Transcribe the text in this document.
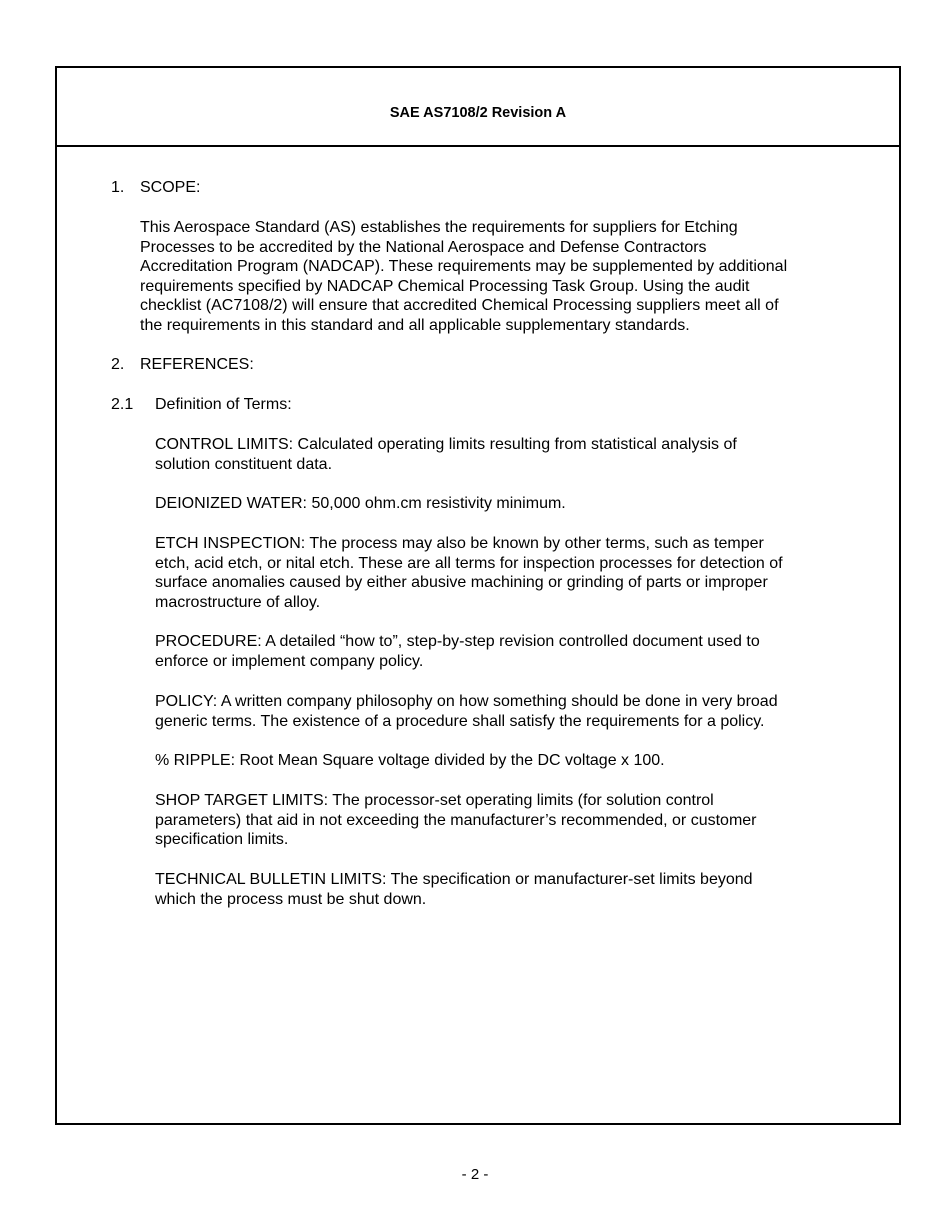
SAE AS7108/2 Revision A
1. SCOPE:

This Aerospace Standard (AS) establishes the requirements for suppliers for Etching

Processes to be accredited by the National Aerospace and Defense Contractors

Accreditation Program (NADCAP). These requirements may be supplemented by additional

requirements specified by NADCAP Chemical Processing Task Group. Using the audit

checklist (AC7108/2) will ensure that accredited Chemical Processing suppliers meet all of

the requirements in this standard and all applicable supplementary standards.

2. REFERENCES:
2.1 Definition of Terms:

CONTROL LIMITS: Calculated operating limits resulting from statistical analysis of

solution constituent data.

DEIONIZED WATER: 50,000 ohm.cm resistivity minimum.

ETCH INSPECTION: The process may also be known by other terms, such as temper

etch, acid etch, or nital etch. These are all terms for inspection processes for detection of

surface anomalies caused by either abusive machining or grinding of parts or improper

macrostructure of alloy.

PROCEDURE: A detailed “how to”, step-by-step revision controlled document used to

enforce or implement company policy.

POLICY: A written company philosophy on how something should be done in very broad

generic terms. The existence of a procedure shall satisfy the requirements for a policy.

% RIPPLE: Root Mean Square voltage divided by the DC voltage x 100.

SHOP TARGET LIMITS: The processor-set operating limits (for solution control

parameters) that aid in not exceeding the manufacturer’s recommended, or customer

specification limits.

TECHNICAL BULLETIN LIMITS: The specification or manufacturer-set limits beyond

which the process must be shut down.

- 2 -
